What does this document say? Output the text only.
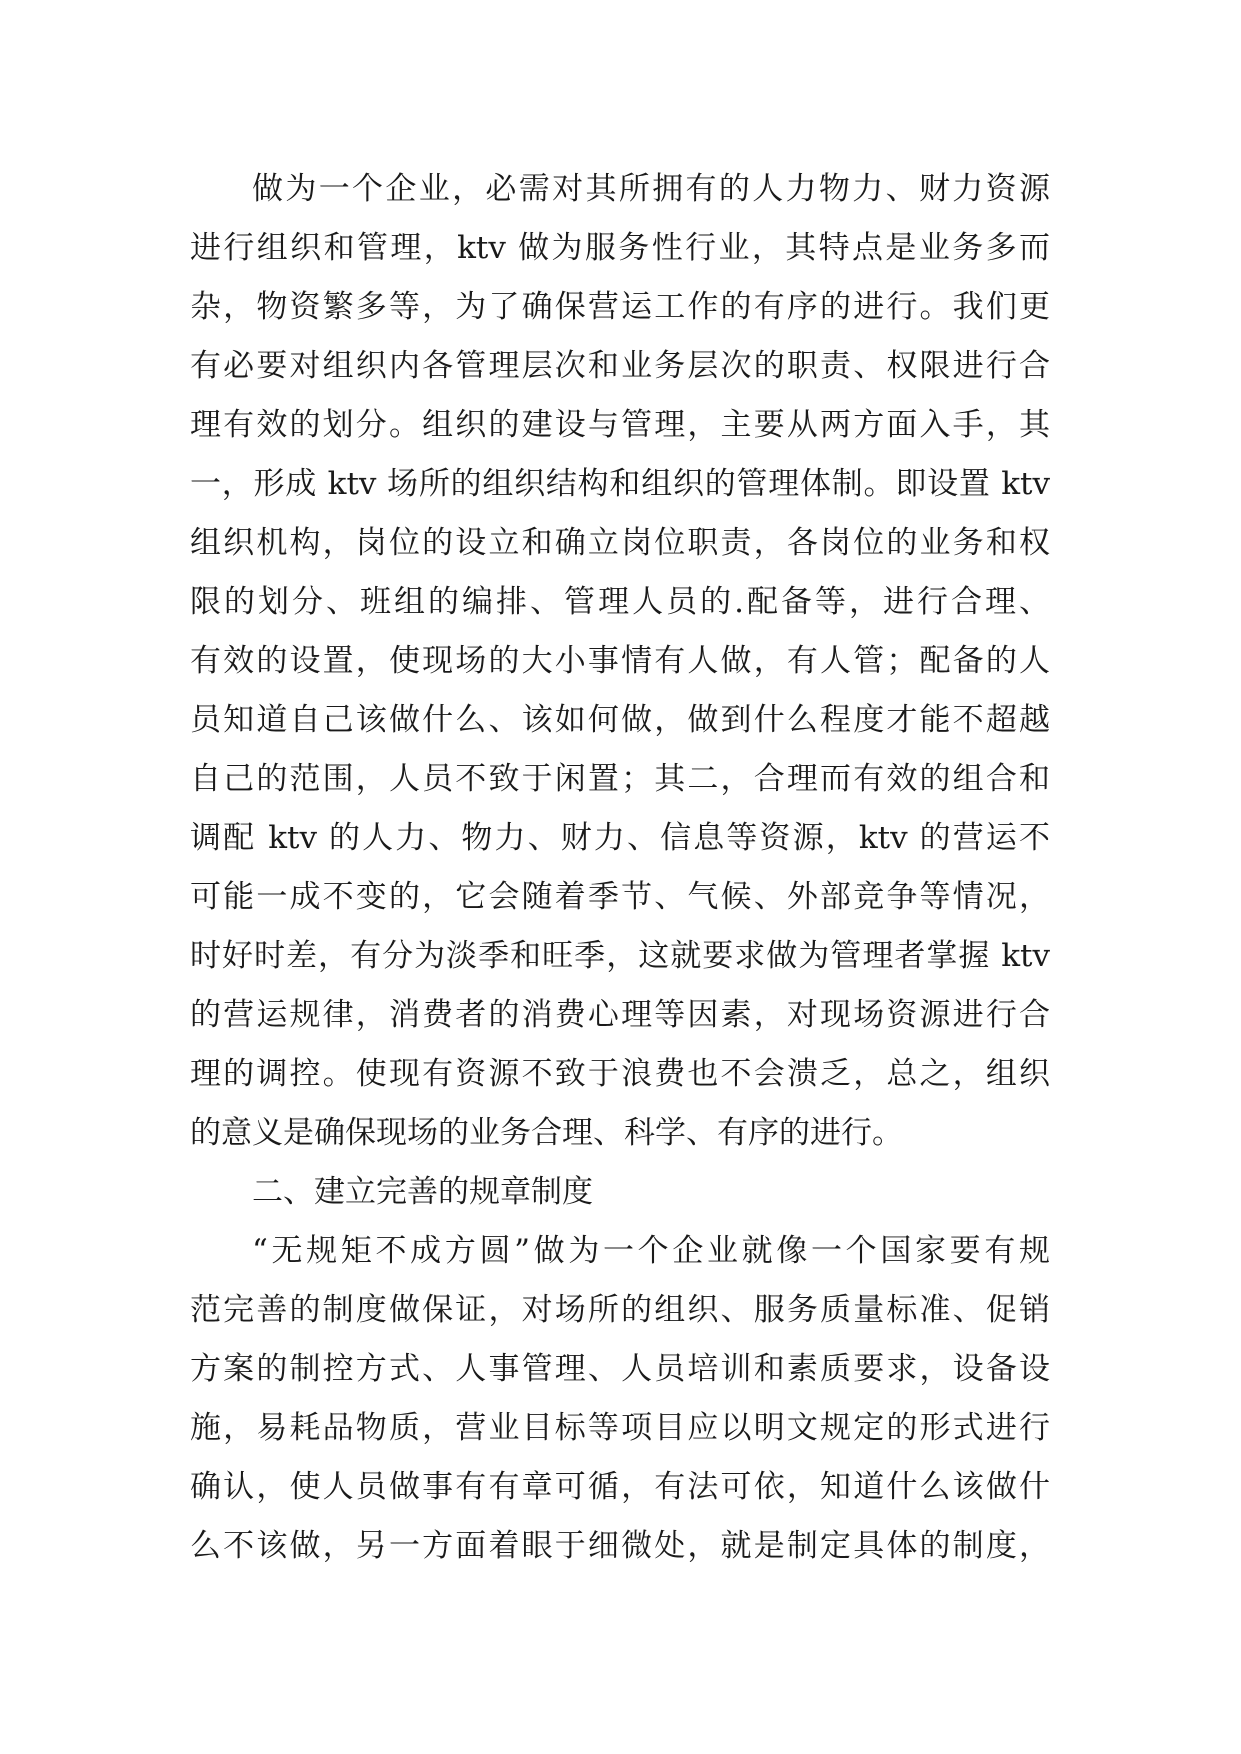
做为一个企业，必需对其所拥有的人力物力、财力资源
进行组织和管理，ktv 做为服务性行业，其特点是业务多而
杂，物资繁多等，为了确保营运工作的有序的进行。我们更
有必要对组织内各管理层次和业务层次的职责、权限进行合
理有效的划分。组织的建设与管理，主要从两方面入手，其
一，形成 ktv 场所的组织结构和组织的管理体制。即设置 ktv
组织机构，岗位的设立和确立岗位职责，各岗位的业务和权
限的划分、班组的编排、管理人员的.配备等，进行合理、
有效的设置，使现场的大小事情有人做，有人管；配备的人
员知道自己该做什么、该如何做，做到什么程度才能不超越
自己的范围，人员不致于闲置；其二，合理而有效的组合和
调配 ktv 的人力、物力、财力、信息等资源，ktv 的营运不
可能一成不变的，它会随着季节、气候、外部竞争等情况，
时好时差，有分为淡季和旺季，这就要求做为管理者掌握 ktv
的营运规律，消费者的消费心理等因素，对现场资源进行合
理的调控。使现有资源不致于浪费也不会溃乏，总之，组织
的意义是确保现场的业务合理、科学、有序的进行。
二、建立完善的规章制度
“无规矩不成方圆”做为一个企业就像一个国家要有规
范完善的制度做保证，对场所的组织、服务质量标准、促销
方案的制控方式、人事管理、人员培训和素质要求，设备设
施，易耗品物质，营业目标等项目应以明文规定的形式进行
确认，使人员做事有有章可循，有法可依，知道什么该做什
么不该做，另一方面着眼于细微处，就是制定具体的制度，
